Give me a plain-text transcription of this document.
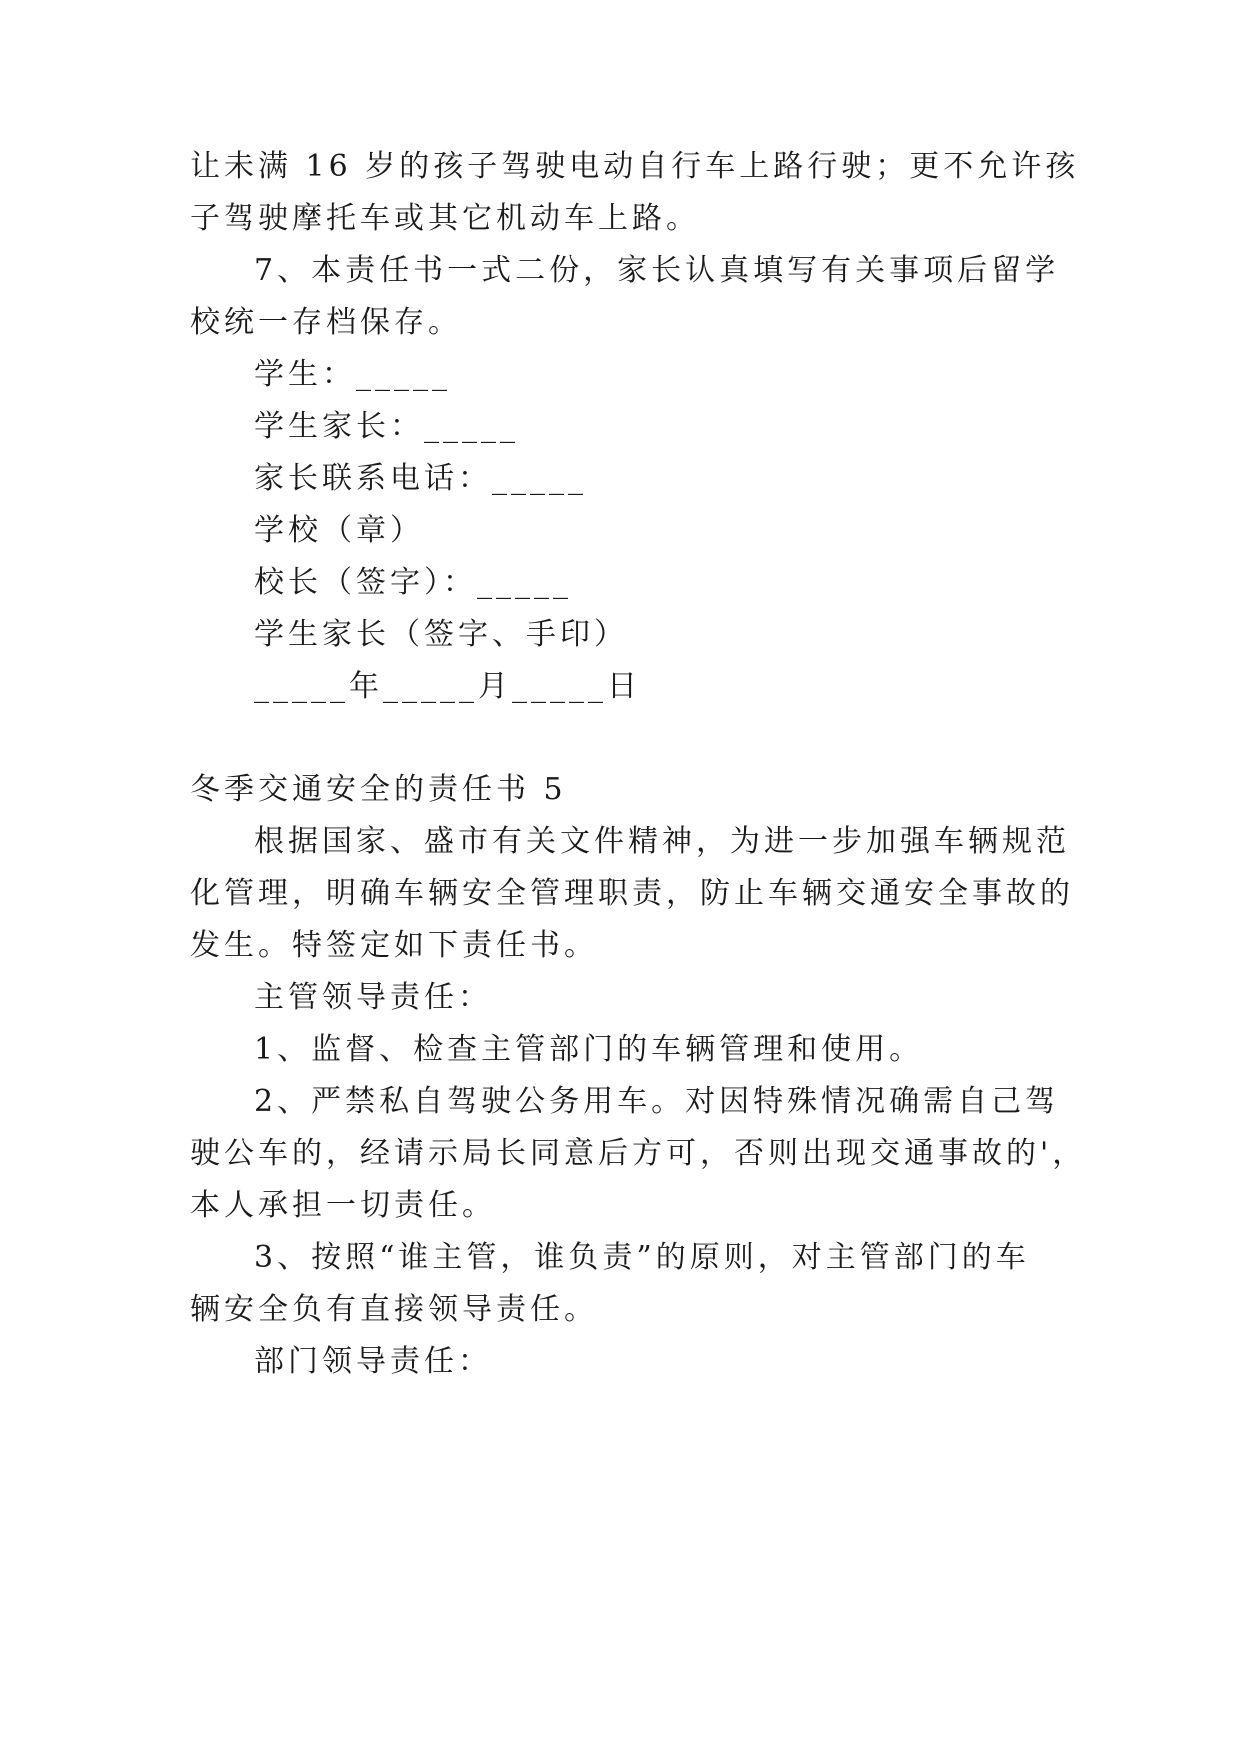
让未满 16 岁的孩子驾驶电动自行车上路行驶；更不允许孩
子驾驶摩托车或其它机动车上路。
7、本责任书一式二份，家长认真填写有关事项后留学
校统一存档保存。
学生：_____
学生家长：_____
家长联系电话：_____
学校（章）
校长（签字）：_____
学生家长（签字、手印）
_____年_____月_____日
冬季交通安全的责任书 5
根据国家、盛市有关文件精神，为进一步加强车辆规范
化管理，明确车辆安全管理职责，防止车辆交通安全事故的
发生。特签定如下责任书。
主管领导责任：
1、监督、检查主管部门的车辆管理和使用。
2、严禁私自驾驶公务用车。对因特殊情况确需自己驾
驶公车的，经请示局长同意后方可，否则出现交通事故的'，
本人承担一切责任。
3、按照“谁主管，谁负责”的原则，对主管部门的车
辆安全负有直接领导责任。
部门领导责任：
